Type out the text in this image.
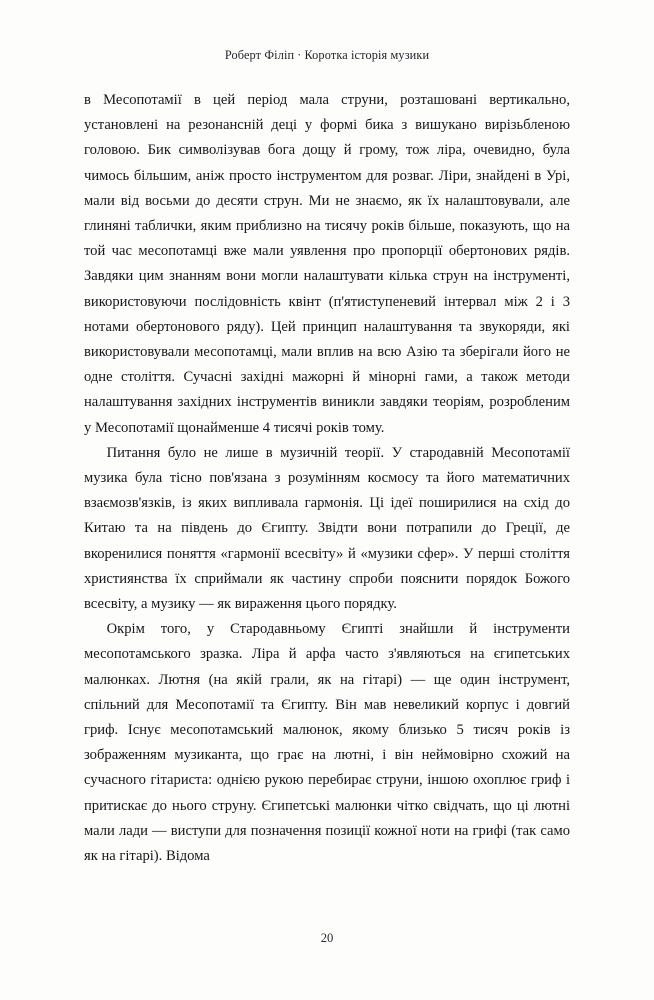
Роберт Філіп · Коротка історія музики

в Месопотамії в цей період мала струни, розташовані вертикально, установлені на резонансній деці у формі бика з вишукано вирізьбленою головою. Бик символізував бога дощу й грому, тож ліра, очевидно, була чимось більшим, аніж просто інструментом для розваг. Ліри, знайдені в Урі, мали від восьми до десяти струн. Ми не знаємо, як їх налаштовували, але глиняні таблички, яким приблизно на тисячу років більше, показують, що на той час месопотамці вже мали уявлення про пропорції обертонових рядів. Завдяки цим знанням вони могли налаштувати кілька струн на інструменті, використовуючи послідовність квінт (п'ятиступеневий інтервал між 2 і 3 нотами обертонового ряду). Цей принцип налаштування та звукоряди, які використовували месопотамці, мали вплив на всю Азію та зберігали його не одне століття. Сучасні західні мажорні й мінорні гами, а також методи налаштування західних інструментів виникли завдяки теоріям, розробленим у Месопотамії щонайменше 4 тисячі років тому.

Питання було не лише в музичній теорії. У стародавній Месопотамії музика була тісно пов'язана з розумінням космосу та його математичних взаємозв'язків, із яких випливала гармонія. Ці ідеї поширилися на схід до Китаю та на південь до Єгипту. Звідти вони потрапили до Греції, де вкоренилися поняття «гармонії всесвіту» й «музики сфер». У перші століття християнства їх сприймали як частину спроби пояснити порядок Божого всесвіту, а музику — як вираження цього порядку.

Окрім того, у Стародавньому Єгипті знайшли й інструменти месопотамського зразка. Ліра й арфа часто з'являються на єгипетських малюнках. Лютня (на якій грали, як на гітарі) — ще один інструмент, спільний для Месопотамії та Єгипту. Він мав невеликий корпус і довгий гриф. Існує месопотамський малюнок, якому близько 5 тисяч років із зображенням музиканта, що грає на лютні, і він неймовірно схожий на сучасного гітариста: однією рукою перебирає струни, іншою охоплює гриф і притискає до нього струну. Єгипетські малюнки чітко свідчать, що ці лютні мали лади — виступи для позначення позиції кожної ноти на грифі (так само як на гітарі). Відома

20
